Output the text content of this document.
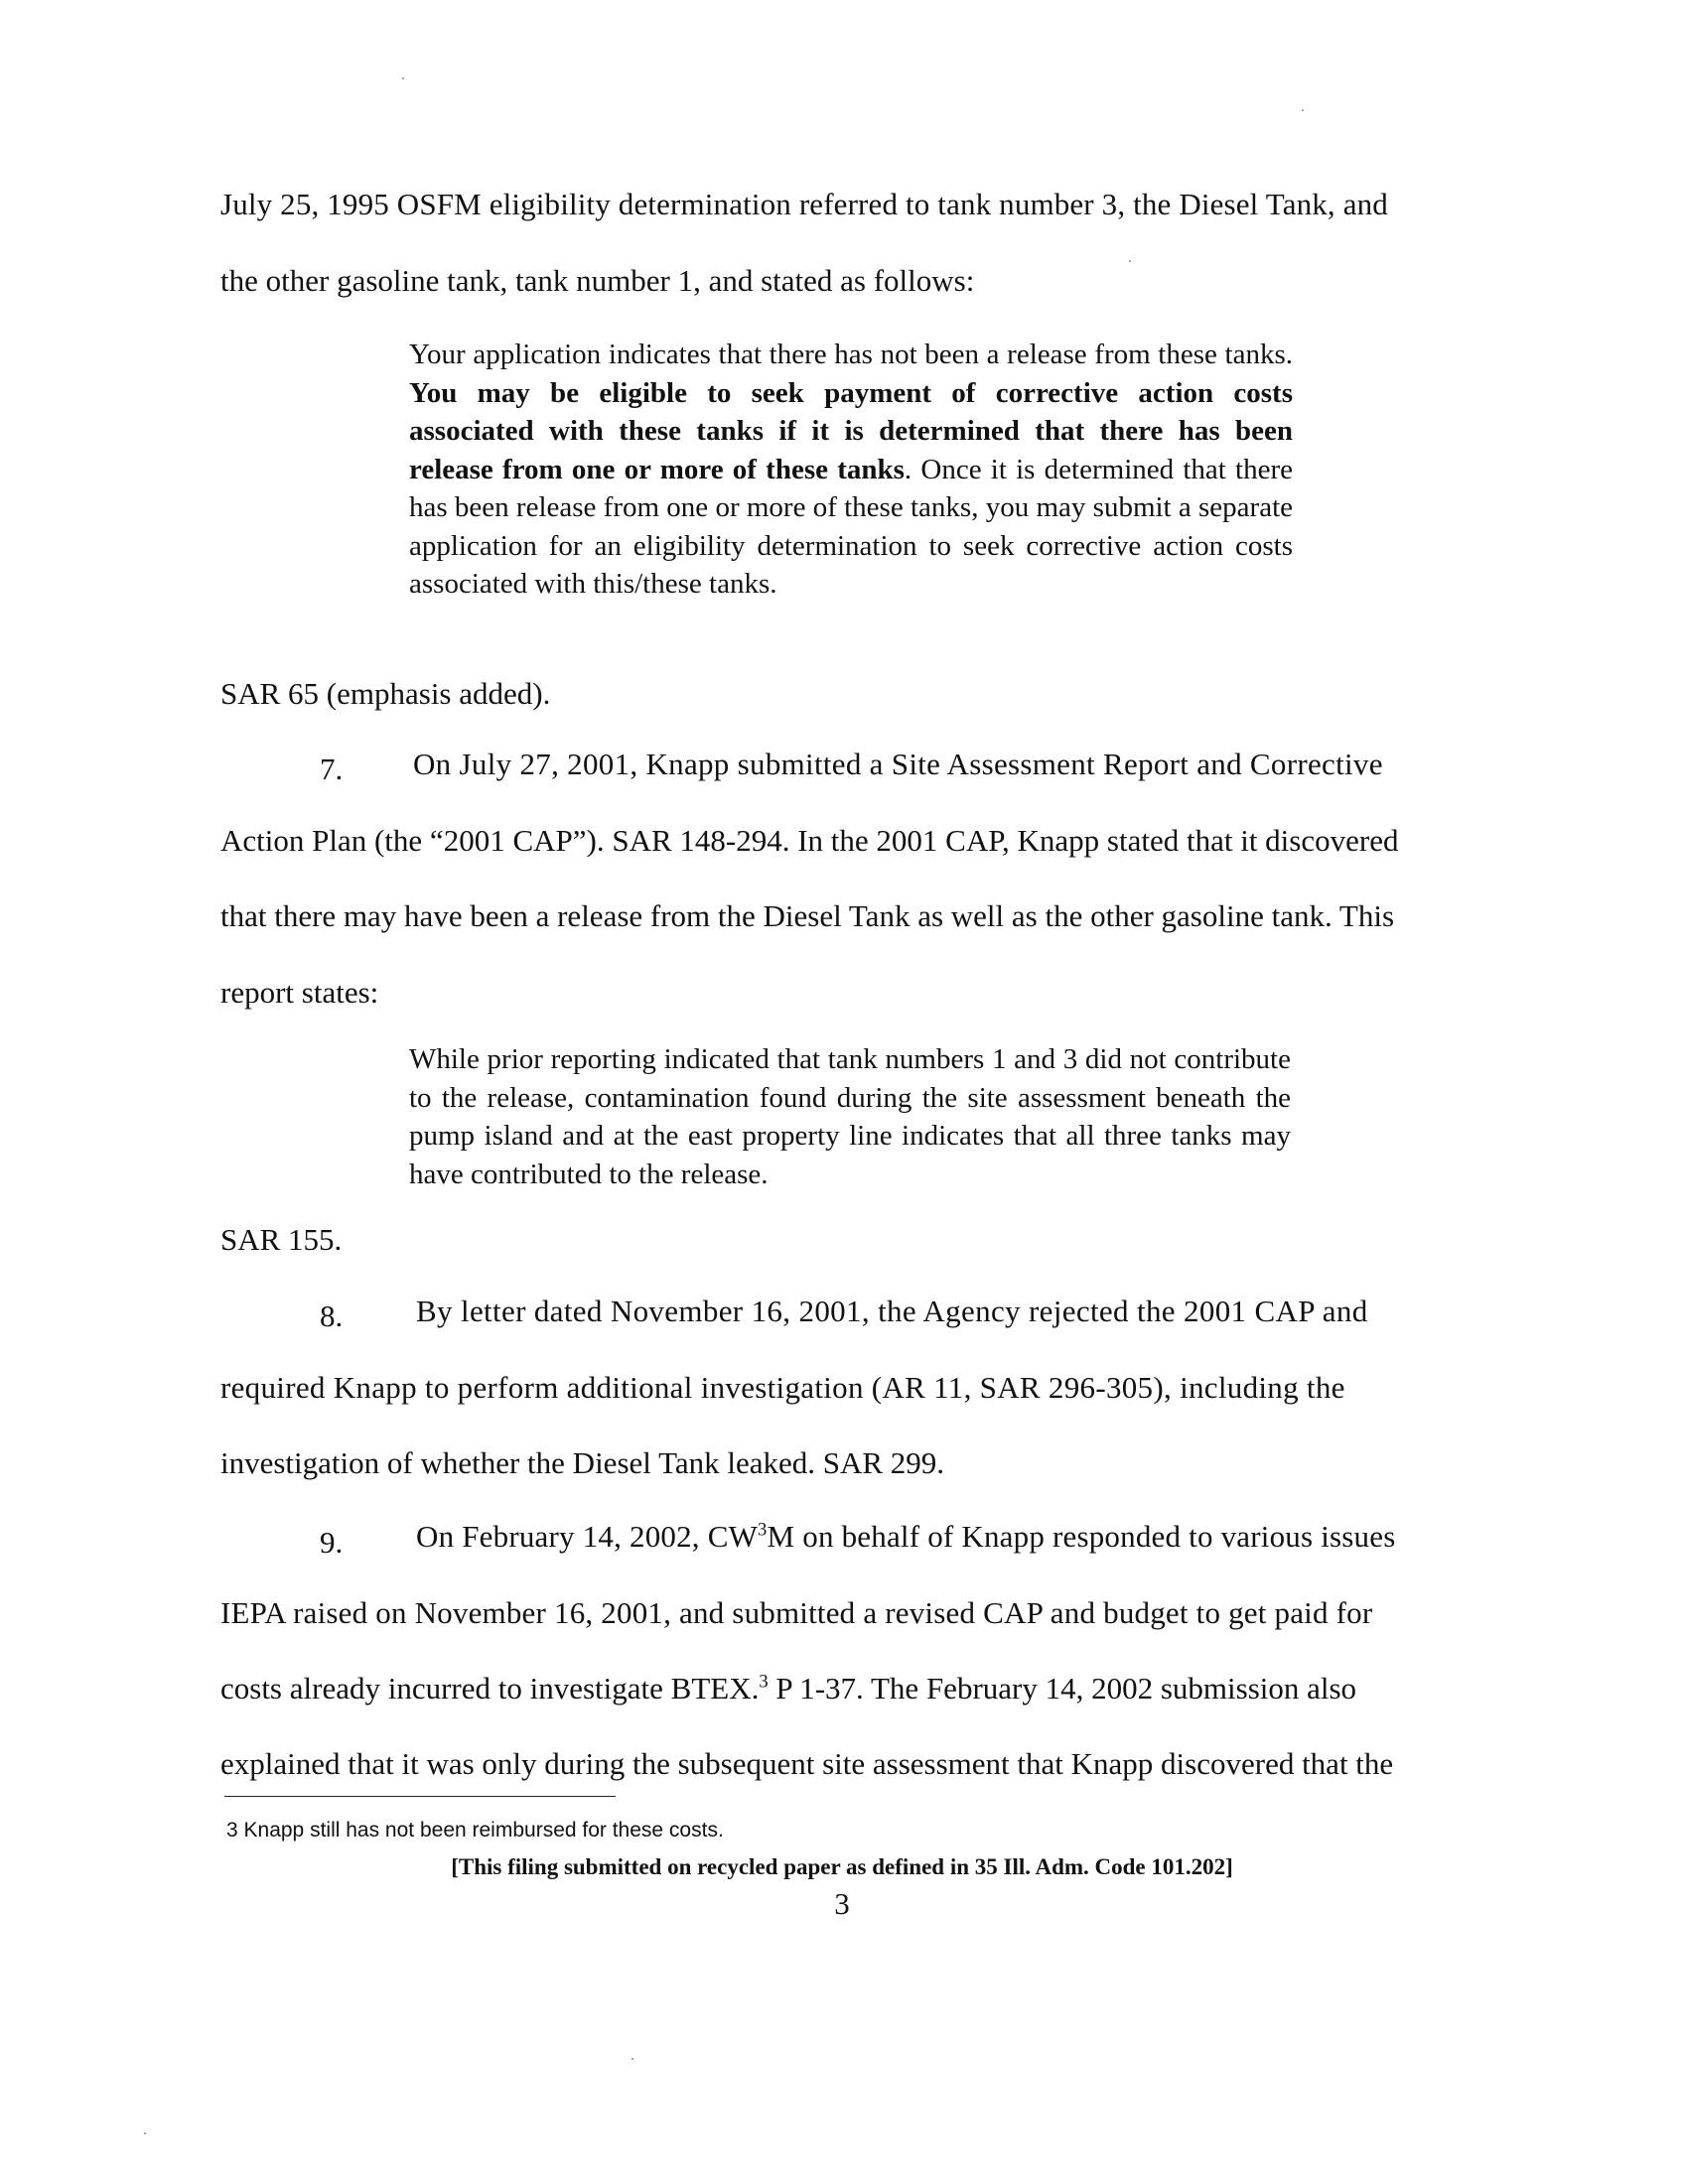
July 25, 1995 OSFM eligibility determination referred to tank number 3, the Diesel Tank, and
the other gasoline tank, tank number 1, and stated as follows:
Your application indicates that there has not been a release from these tanks. You may be eligible to seek payment of corrective action costs associated with these tanks if it is determined that there has been release from one or more of these tanks. Once it is determined that there has been release from one or more of these tanks, you may submit a separate application for an eligibility determination to seek corrective action costs associated with this/these tanks.
SAR 65 (emphasis added).
7. On July 27, 2001, Knapp submitted a Site Assessment Report and Corrective
Action Plan (the “2001 CAP”). SAR 148-294. In the 2001 CAP, Knapp stated that it discovered
that there may have been a release from the Diesel Tank as well as the other gasoline tank. This
report states:
While prior reporting indicated that tank numbers 1 and 3 did not contribute to the release, contamination found during the site assessment beneath the pump island and at the east property line indicates that all three tanks may have contributed to the release.
SAR 155.
8. By letter dated November 16, 2001, the Agency rejected the 2001 CAP and
required Knapp to perform additional investigation (AR 11, SAR 296-305), including the
investigation of whether the Diesel Tank leaked. SAR 299.
9. On February 14, 2002, $CW^3M$ on behalf of Knapp responded to various issues
IEPA raised on November 16, 2001, and submitted a revised CAP and budget to get paid for
costs already incurred to investigate BTEX.$^3$ P 1-37. The February 14, 2002 submission also
explained that it was only during the subsequent site assessment that Knapp discovered that the
3 Knapp still has not been reimbursed for these costs.
[This filing submitted on recycled paper as defined in 35 Ill. Adm. Code 101.202]
3
